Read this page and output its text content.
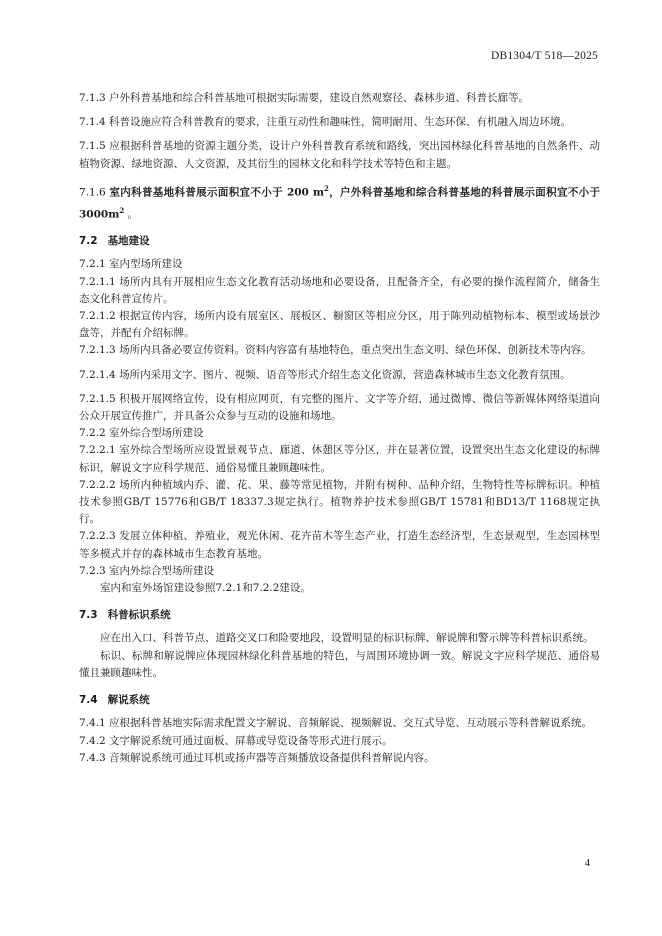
DB1304/T 518—2025

7.1.3 户外科普基地和综合科普基地可根据实际需要，建设自然观察径、森林步道、科普长廊等。

7.1.4 科普设施应符合科普教育的要求，注重互动性和趣味性，简明耐用、生态环保、有机融入周边环境。

7.1.5 应根据科普基地的资源主题分类，设计户外科普教育系统和路线，突出园林绿化科普基地的自然条件、动植物资源、绿地资源、人文资源，及其衍生的园林文化和科学技术等特色和主题。

7.1.6 室内科普基地科普展示面积宜不小于 200 $m^2$，户外科普基地和综合科普基地的科普展示面积宜不小于 $3000m^2$ 。

7.2 基地建设

7.2.1 室内型场所建设

7.2.1.1 场所内具有开展相应生态文化教育活动场地和必要设备，且配备齐全，有必要的操作流程简介，储备生态文化科普宣传片。

7.2.1.2 根据宣传内容，场所内设有展室区、展板区、橱窗区等相应分区，用于陈列动植物标本、模型或场景沙盘等，并配有介绍标牌。

7.2.1.3 场所内具备必要宣传资料。资料内容富有基地特色，重点突出生态文明、绿色环保、创新技术等内容。

7.2.1.4 场所内采用文字、图片、视频、语音等形式介绍生态文化资源，营造森林城市生态文化教育氛围。

7.2.1.5 积极开展网络宣传，设有相应网页，有完整的图片、文字等介绍，通过微博、微信等新媒体网络渠道向公众开展宣传推广，并具备公众参与互动的设施和场地。

7.2.2 室外综合型场所建设

7.2.2.1 室外综合型场所应设置景观节点、廊道、休憩区等分区，并在显著位置，设置突出生态文化建设的标牌标识，解说文字应科学规范、通俗易懂且兼顾趣味性。

7.2.2.2 场所内种植域内乔、灌、花、果、藤等常见植物，并附有树种、品种介绍，生物特性等标牌标识。种植技术参照GB/T 15776和GB/T 18337.3规定执行。植物养护技术参照GB/T 15781和BD13/T 1168规定执行。

7.2.2.3 发展立体种植、养殖业，观光休闲、花卉苗木等生态产业，打造生态经济型，生态景观型，生态园林型等多模式并存的森林城市生态教育基地。

7.2.3 室内外综合型场所建设

室内和室外场馆建设参照7.2.1和7.2.2建设。

7.3 科普标识系统

应在出入口、科普节点、道路交叉口和险要地段，设置明显的标识标牌、解说牌和警示牌等科普标识系统。

标识、标牌和解说牌应体现园林绿化科普基地的特色，与周围环境协调一致。解说文字应科学规范、通俗易懂且兼顾趣味性。

7.4 解说系统

7.4.1 应根据科普基地实际需求配置文字解说、音频解说、视频解说、交互式导览、互动展示等科普解说系统。

7.4.2 文字解说系统可通过面板、屏幕或导览设备等形式进行展示。

7.4.3 音频解说系统可通过耳机或扬声器等音频播放设备提供科普解说内容。

4
